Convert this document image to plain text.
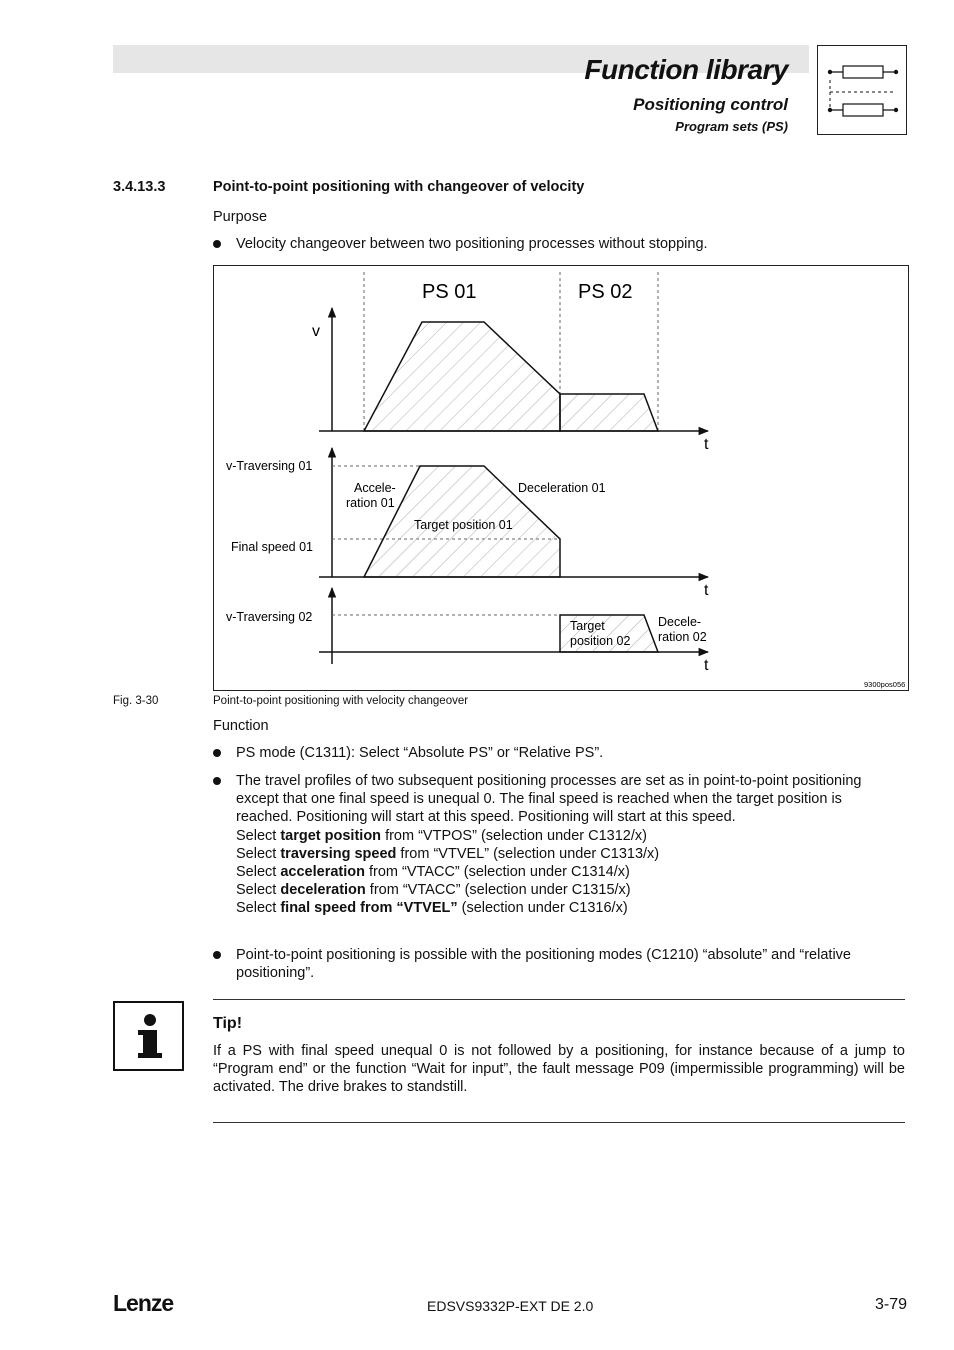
Function library
Positioning control
Program sets (PS)
3.4.13.3	Point-to-point positioning with changeover of velocity
Purpose
Velocity changeover between two positioning processes without stopping.
PS 01	PS 02
v
t
t
v-Traversing 01
Final speed 01
Accele-
ration 01
Deceleration 01
Target position 01
t
v-Traversing 02
Target
position 02
Decele-
ration 02
9300pos056
Fig. 3-30	Point-to-point positioning with velocity changeover
Function
PS mode (C1311): Select “Absolute PS” or “Relative PS”.
The travel profiles of two subsequent positioning processes are set as in point-to-point positioning except that one final speed is unequal 0. The final speed is reached when the target position is reached. Positioning will start at this speed. Positioning will start at this speed.
Select target position from “VTPOS” (selection under C1312/x)
Select traversing speed from “VTVEL” (selection under C1313/x)
Select acceleration from “VTACC” (selection under C1314/x)
Select deceleration from “VTACC” (selection under C1315/x)
Select final speed from “VTVEL” (selection under C1316/x)
Point-to-point positioning is possible with the positioning modes (C1210) “absolute” and “relative positioning”.
Tip!
If a PS with final speed unequal 0 is not followed by a positioning, for instance because of a jump to “Program end” or the function “Wait for input”, the fault message P09 (impermissible programming) will be activated. The drive brakes to standstill.
Lenze	EDSVS9332P-EXT DE 2.0	3-79
